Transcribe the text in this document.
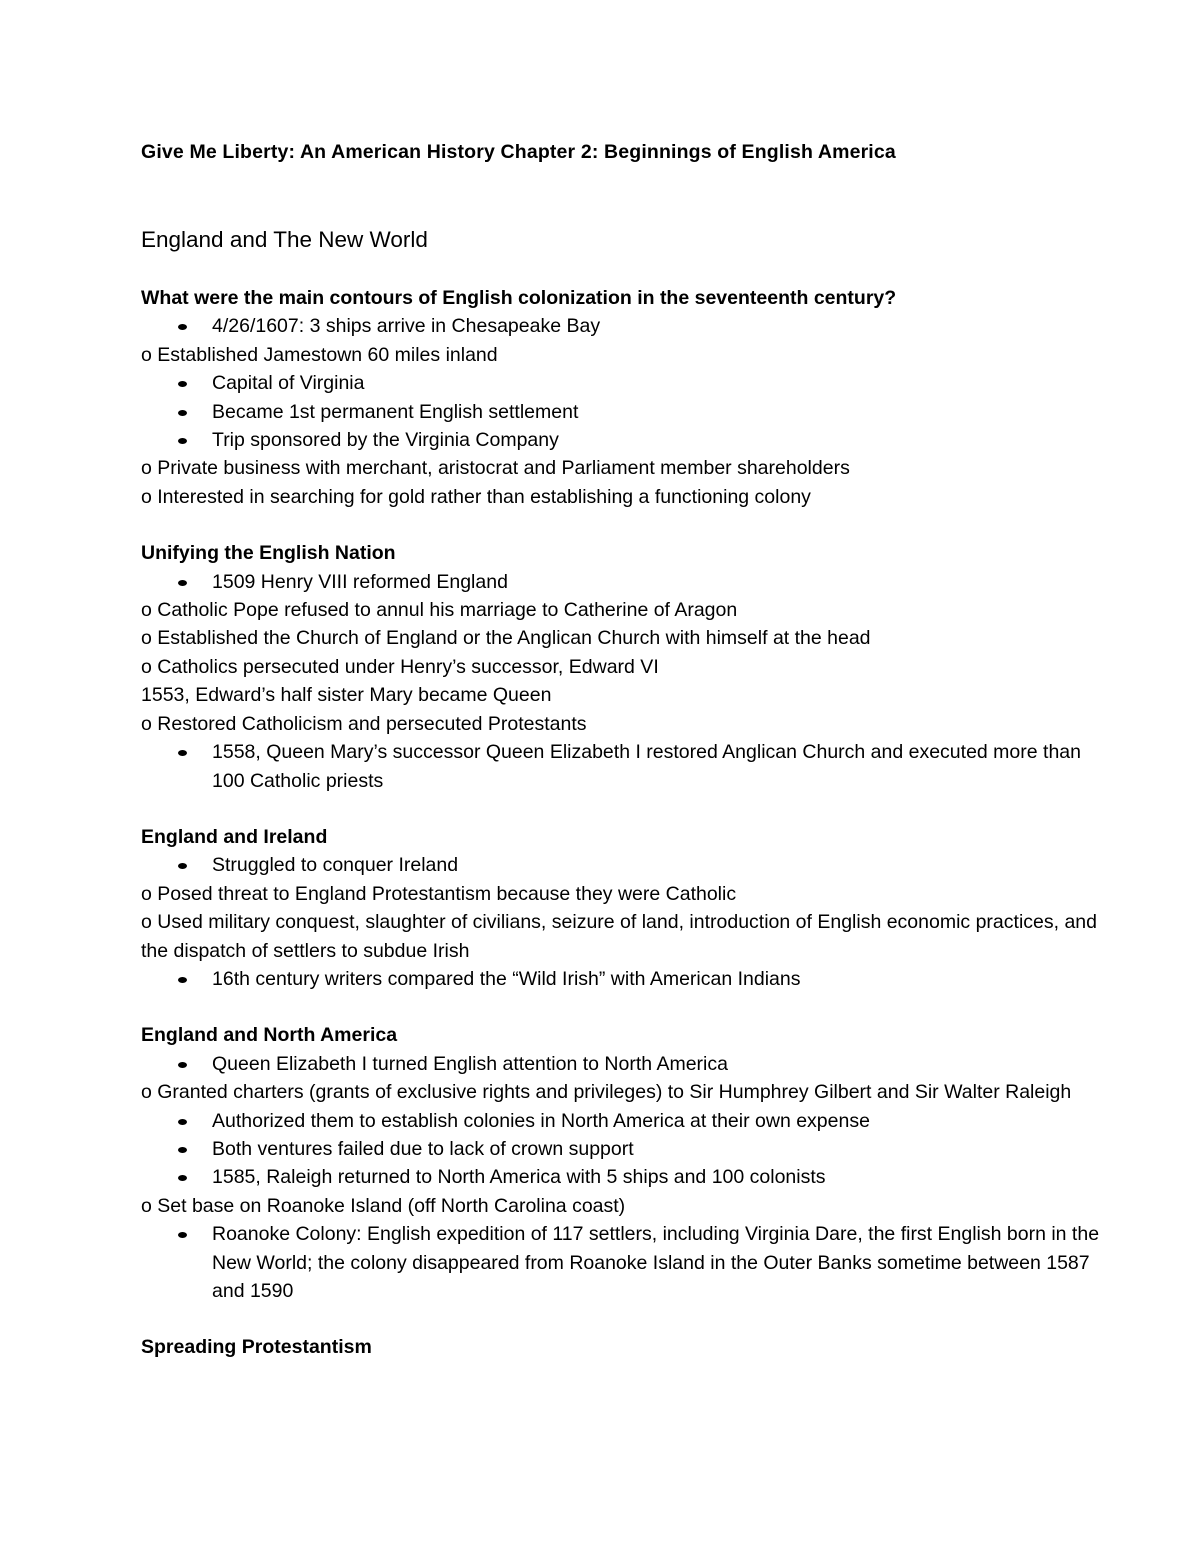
Give Me Liberty: An American History Chapter 2: Beginnings of English America
England and The New World
What were the main contours of English colonization in the seventeenth century?
4/26/1607: 3 ships arrive in Chesapeake Bay
o Established Jamestown 60 miles inland
Capital of Virginia
Became 1st permanent English settlement
Trip sponsored by the Virginia Company
o Private business with merchant, aristocrat and Parliament member shareholders
o Interested in searching for gold rather than establishing a functioning colony
Unifying the English Nation
1509 Henry VIII reformed England
o Catholic Pope refused to annul his marriage to Catherine of Aragon
o Established the Church of England or the Anglican Church with himself at the head
o Catholics persecuted under Henry’s successor, Edward VI
1553, Edward’s half sister Mary became Queen
o Restored Catholicism and persecuted Protestants
1558, Queen Mary’s successor Queen Elizabeth I restored Anglican Church and executed more than 100 Catholic priests
England and Ireland
Struggled to conquer Ireland
o Posed threat to England Protestantism because they were Catholic
o Used military conquest, slaughter of civilians, seizure of land, introduction of English economic practices, and the dispatch of settlers to subdue Irish
16th century writers compared the “Wild Irish” with American Indians
England and North America
Queen Elizabeth I turned English attention to North America
o Granted charters (grants of exclusive rights and privileges) to Sir Humphrey Gilbert and Sir Walter Raleigh
Authorized them to establish colonies in North America at their own expense
Both ventures failed due to lack of crown support
1585, Raleigh returned to North America with 5 ships and 100 colonists
o Set base on Roanoke Island (off North Carolina coast)
Roanoke Colony: English expedition of 117 settlers, including Virginia Dare, the first English born in the New World; the colony disappeared from Roanoke Island in the Outer Banks sometime between 1587 and 1590
Spreading Protestantism
